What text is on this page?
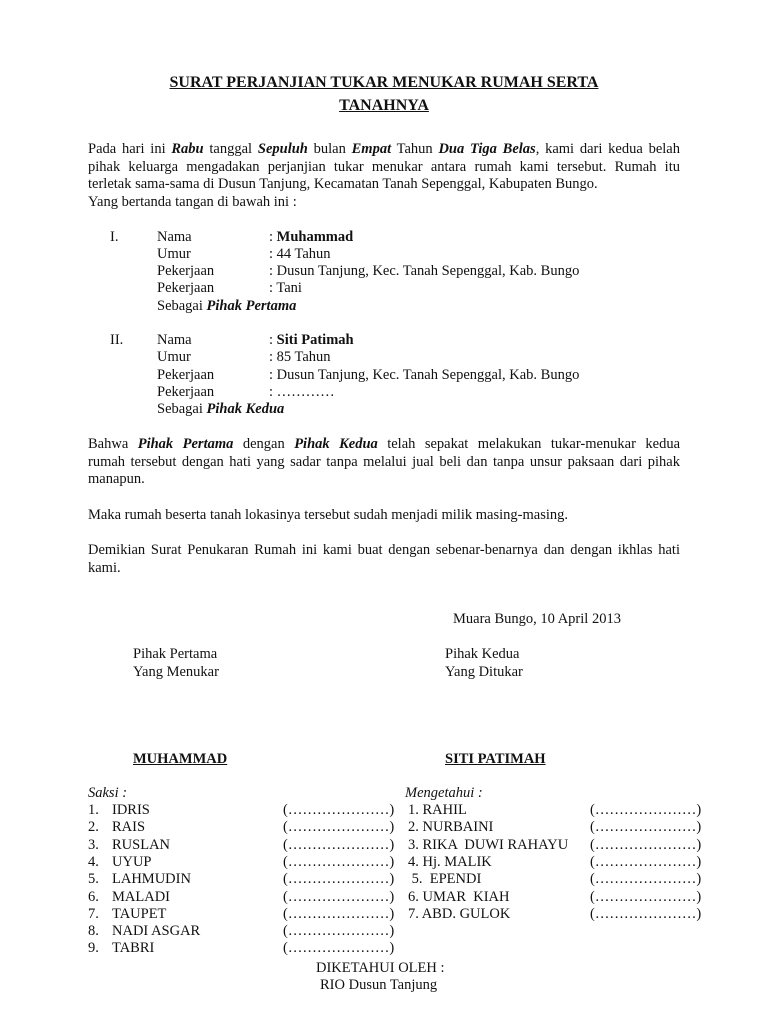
SURAT PERJANJIAN TUKAR MENUKAR RUMAH SERTA
TANAHNYA
Pada hari ini Rabu tanggal Sepuluh bulan Empat Tahun Dua Tiga Belas, kami dari kedua belah
pihak keluarga mengadakan perjanjian tukar menukar antara rumah kami tersebut. Rumah itu
terletak sama-sama di Dusun Tanjung, Kecamatan Tanah Sepenggal, Kabupaten Bungo.
Yang bertanda tangan di bawah ini :
I.	Nama	: Muhammad
Umur	: 44 Tahun
Pekerjaan	: Dusun Tanjung, Kec. Tanah Sepenggal, Kab. Bungo
Pekerjaan	: Tani
Sebagai Pihak Pertama
II. Nama	: Siti Patimah
Umur	: 85 Tahun
Pekerjaan	: Dusun Tanjung, Kec. Tanah Sepenggal, Kab. Bungo
Pekerjaan	: …………
Sebagai Pihak Kedua
Bahwa Pihak Pertama dengan Pihak Kedua telah sepakat melakukan tukar-menukar kedua
rumah tersebut dengan hati yang sadar tanpa melalui jual beli dan tanpa unsur paksaan dari pihak
manapun.
Maka rumah beserta tanah lokasinya tersebut sudah menjadi milik masing-masing.
Demikian Surat Penukaran Rumah ini kami buat dengan sebenar-benarnya dan dengan ikhlas hati
kami.
Muara Bungo, 10 April 2013
Pihak Pertama
Yang Menukar
Pihak Kedua
Yang Ditukar
MUHAMMAD	SITI PATIMAH
Saksi :
1. IDRIS	(…………………)
2. RAIS	(…………………)
3. RUSLAN	(…………………)
4. UYUP	(…………………)
5. LAHMUDIN	(…………………)
6. MALADI	(…………………)
7. TAUPET	(…………………)
8. NADI ASGAR	(…………………)
9. TABRI	(…………………)
Mengetahui :
1. RAHIL	(…………………)
2. NURBAINI	(…………………)
3. RIKA  DUWI RAHAYU (…………………)
4. Hj. MALIK	(…………………)
5.  EPENDI	(…………………)
6. UMAR  KIAH	(…………………)
7. ABD. GULOK	(…………………)
DIKETAHUI OLEH :
RIO Dusun Tanjung
